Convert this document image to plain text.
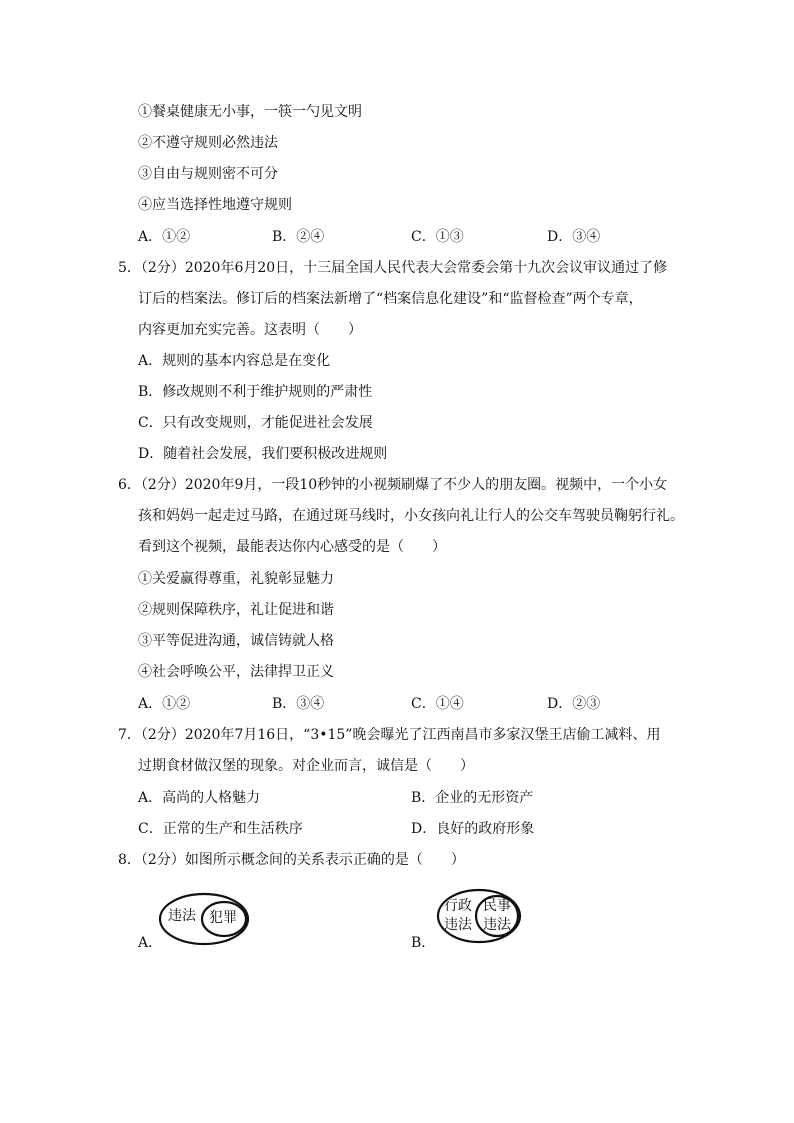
①餐桌健康无小事，一筷一勺见文明
②不遵守规则必然违法
③自由与规则密不可分
④应当选择性地遵守规则
A．①②	B．②④	C．①③	D．③④
5．（2分）2020年6月20日，十三届全国人民代表大会常委会第十九次会议审议通过了修
订后的档案法。修订后的档案法新增了“档案信息化建设”和“监督检查”两个专章，
内容更加充实完善。这表明（　　）
A．规则的基本内容总是在变化
B．修改规则不利于维护规则的严肃性
C．只有改变规则，才能促进社会发展
D．随着社会发展，我们要积极改进规则
6．（2分）2020年9月，一段10秒钟的小视频刷爆了不少人的朋友圈。视频中，一个小女
孩和妈妈一起走过马路，在通过斑马线时，小女孩向礼让行人的公交车驾驶员鞠躬行礼。
看到这个视频，最能表达你内心感受的是（　　）
①关爱赢得尊重，礼貌彰显魅力
②规则保障秩序，礼让促进和谐
③平等促进沟通，诚信铸就人格
④社会呼唤公平，法律捍卫正义
A．①②	B．③④	C．①④	D．②③
7．（2分）2020年7月16日，“3•15”晚会曝光了江西南昌市多家汉堡王店偷工减料、用
过期食材做汉堡的现象。对企业而言，诚信是（　　）
A．高尚的人格魅力	B．企业的无形资产
C．正常的生产和生活秩序	D．良好的政府形象
8．（2分）如图所示概念间的关系表示正确的是（　　）
A．
违法 犯罪
B．
行政
违法
民事
违法
